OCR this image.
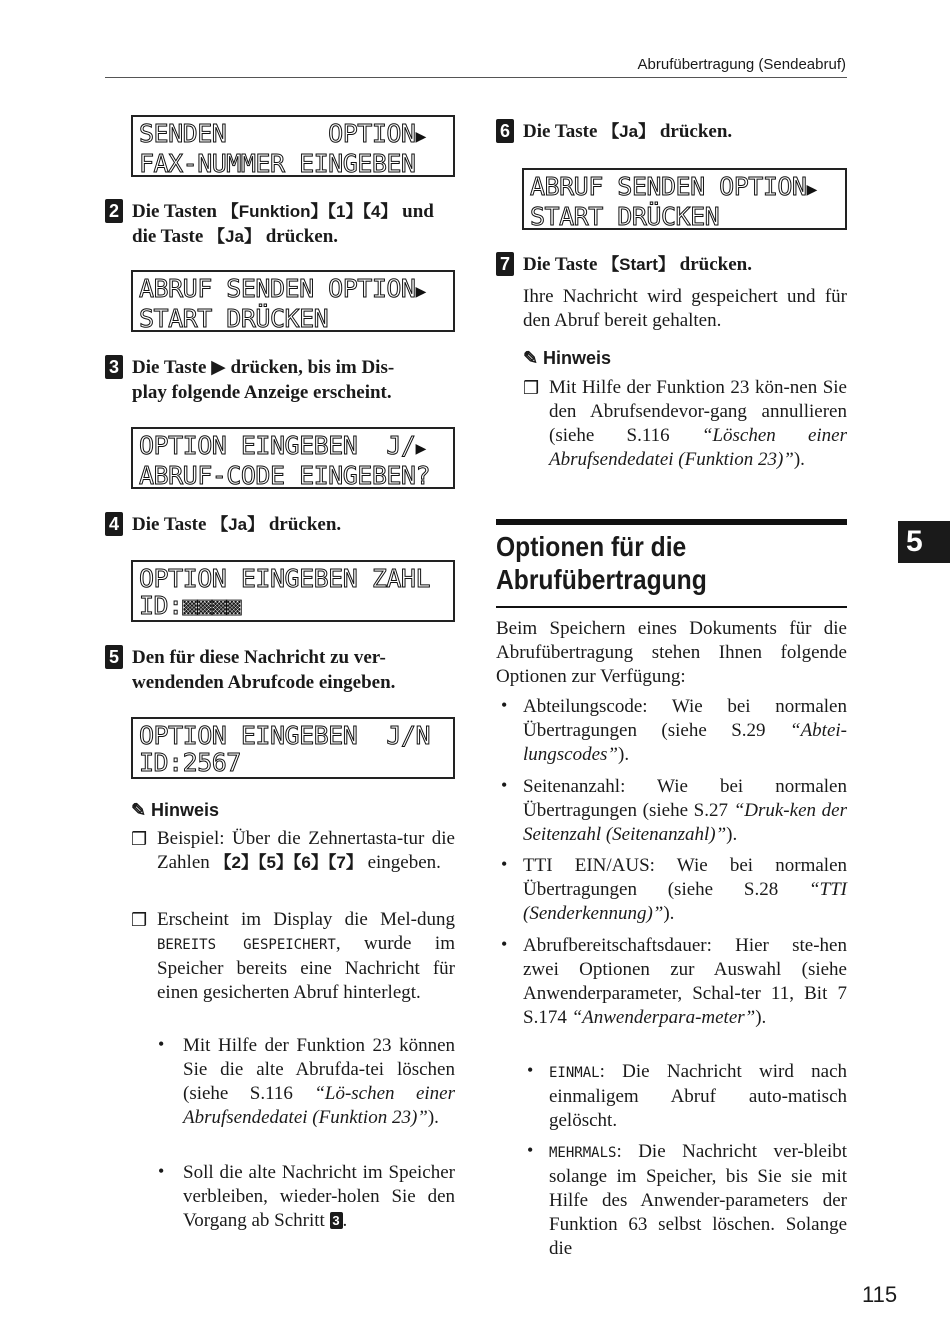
Abrufübertragung (Sendeabruf)
SENDEN       OPTION▶
FAX-NUMMER EINGEBEN
2 Die Tasten 【Funktion】【1】【4】 und
die Taste 【Ja】 drücken.
ABRUF SENDEN OPTION▶
START DRÜCKEN
3 Die Taste ▶ drücken, bis im Dis-
play folgende Anzeige erscheint.
OPTION EINGEBEN  J/▶
ABRUF-CODE EINGEBEN?
4 Die Taste 【Ja】 drücken.
OPTION EINGEBEN ZAHL
ID:▩▩▩▩
5 Den für diese Nachricht zu ver-
wendenden Abrufcode eingeben.
OPTION EINGEBEN  J/N
ID:2567
✎ Hinweis
❒ Beispiel: Über die Zehnertasta-tur die Zahlen 【2】【5】【6】【7】 eingeben.
❒ Erscheint im Display die Mel-dung BEREITS GESPEICHERT, wurde im Speicher bereits eine Nachricht für einen gesicherten Abruf hinterlegt.
• Mit Hilfe der Funktion 23 können Sie die alte Abrufda-tei löschen (siehe S.116 “Lö-schen einer Abrufsendedatei (Funktion 23)”).
• Soll die alte Nachricht im Speicher verbleiben, wieder-holen Sie den Vorgang ab Schritt 3 .
6 Die Taste 【Ja】 drücken.
ABRUF SENDEN OPTION▶
START DRÜCKEN
7 Die Taste 【Start】 drücken.
Ihre Nachricht wird gespeichert und für den Abruf bereit gehalten.
✎ Hinweis
❒ Mit Hilfe der Funktion 23 kön-nen Sie den Abrufsendevor-gang annullieren (siehe S.116 “Löschen einer Abrufsendedatei (Funktion 23)”).
Optionen für die
Abrufübertragung
Beim Speichern eines Dokuments für die Abrufübertragung stehen Ihnen folgende Optionen zur Verfügung:
• Abteilungscode: Wie bei normalen Übertragungen (siehe S.29 “Abtei-lungscodes”).
• Seitenanzahl: Wie bei normalen Übertragungen (siehe S.27 “Druk-ken der Seitenzahl (Seitenanzahl)”).
• TTI EIN/AUS: Wie bei normalen Übertragungen (siehe S.28 “TTI (Senderkennung)”).
• Abrufbereitschaftsdauer: Hier ste-hen zwei Optionen zur Auswahl (siehe Anwenderparameter, Schal-ter 11, Bit 7 S.174 “Anwenderpara-meter”).
• EINMAL: Die Nachricht wird nach einmaligem Abruf auto-matisch gelöscht.
• MEHRMALS: Die Nachricht ver-bleibt solange im Speicher, bis Sie sie mit Hilfe des Anwender-parameters der Funktion 63 selbst löschen. Solange die
5
115
